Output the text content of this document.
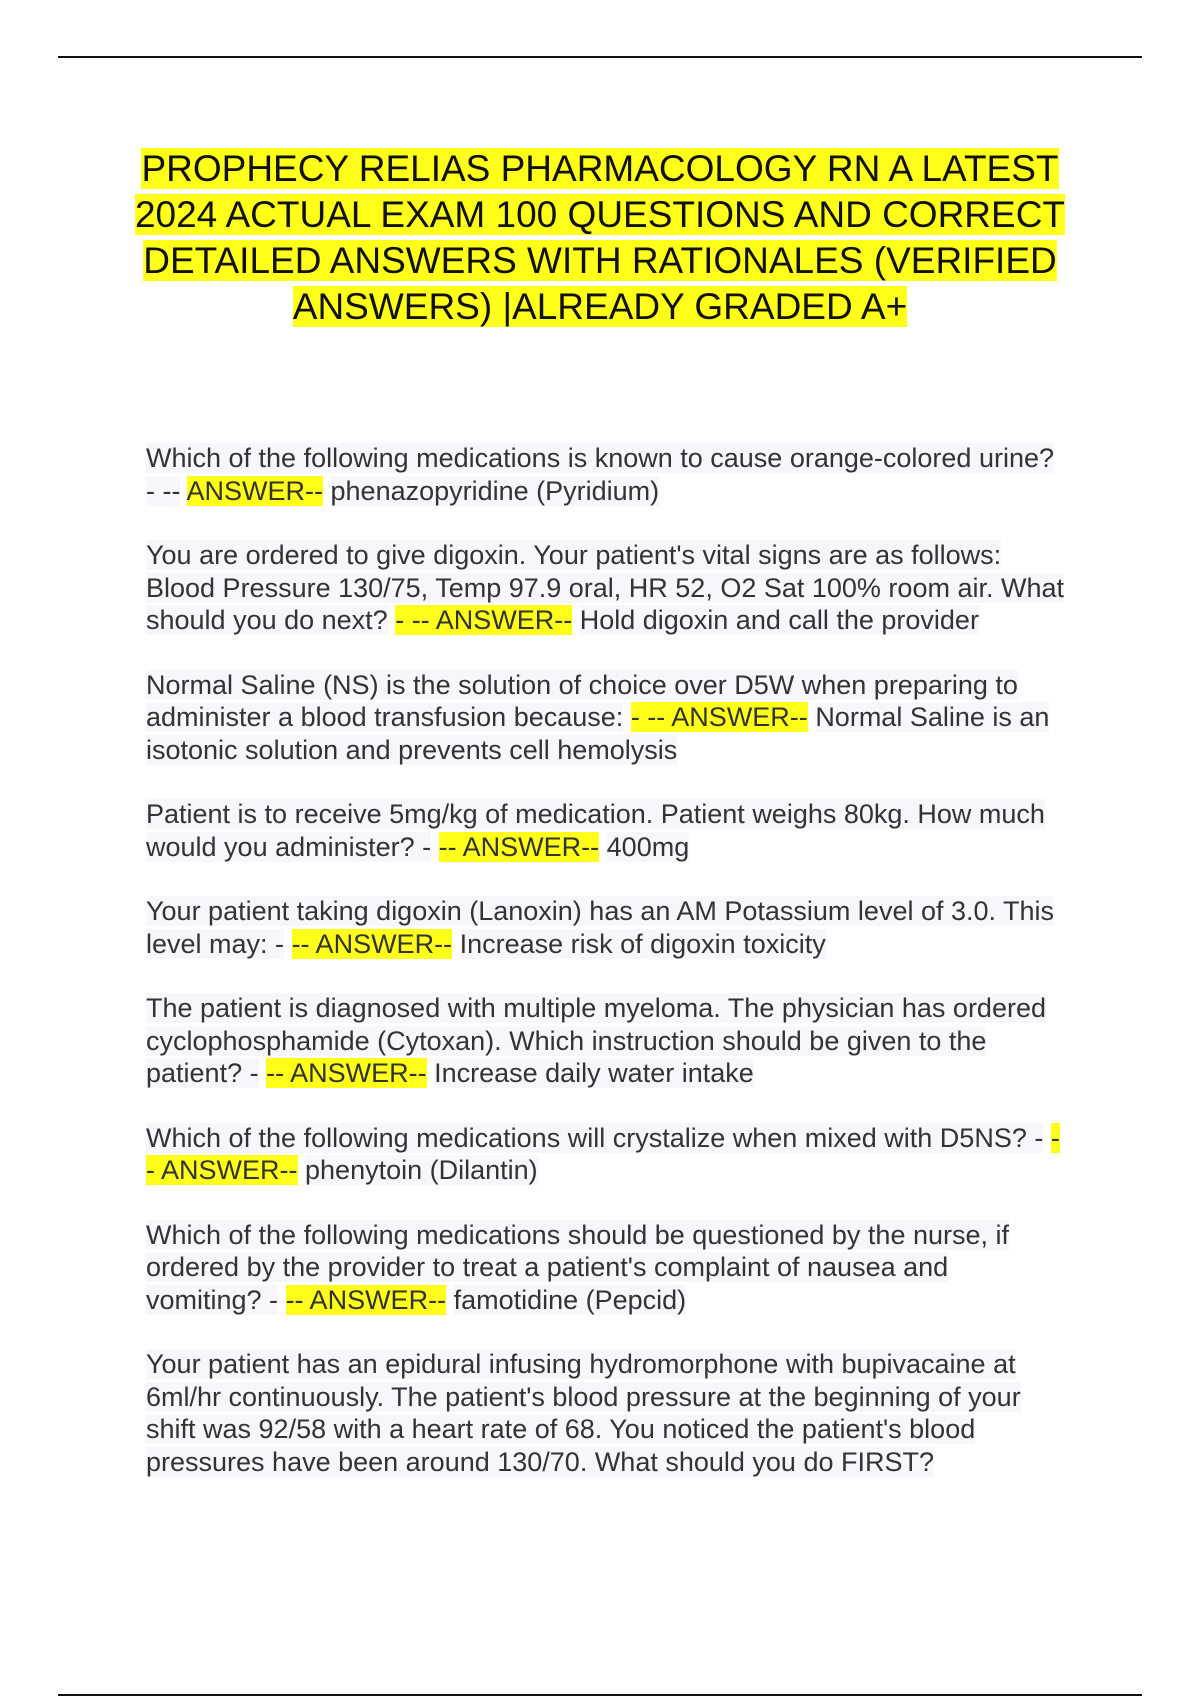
PROPHECY RELIAS PHARMACOLOGY RN A LATEST 2024 ACTUAL EXAM 100 QUESTIONS AND CORRECT DETAILED ANSWERS WITH RATIONALES (VERIFIED ANSWERS) |ALREADY GRADED A+

Which of the following medications is known to cause orange-colored urine? - -- ANSWER-- phenazopyridine (Pyridium)

You are ordered to give digoxin. Your patient's vital signs are as follows: Blood Pressure 130/75, Temp 97.9 oral, HR 52, O2 Sat 100% room air. What should you do next? - -- ANSWER-- Hold digoxin and call the provider

Normal Saline (NS) is the solution of choice over D5W when preparing to administer a blood transfusion because: - -- ANSWER-- Normal Saline is an isotonic solution and prevents cell hemolysis

Patient is to receive 5mg/kg of medication. Patient weighs 80kg. How much would you administer? - -- ANSWER-- 400mg

Your patient taking digoxin (Lanoxin) has an AM Potassium level of 3.0. This level may: - -- ANSWER-- Increase risk of digoxin toxicity

The patient is diagnosed with multiple myeloma. The physician has ordered cyclophosphamide (Cytoxan). Which instruction should be given to the patient? - -- ANSWER-- Increase daily water intake

Which of the following medications will crystalize when mixed with D5NS? - -- ANSWER-- phenytoin (Dilantin)

Which of the following medications should be questioned by the nurse, if ordered by the provider to treat a patient's complaint of nausea and vomiting? - -- ANSWER-- famotidine (Pepcid)

Your patient has an epidural infusing hydromorphone with bupivacaine at 6ml/hr continuously. The patient's blood pressure at the beginning of your shift was 92/58 with a heart rate of 68. You noticed the patient's blood pressures have been around 130/70. What should you do FIRST?
